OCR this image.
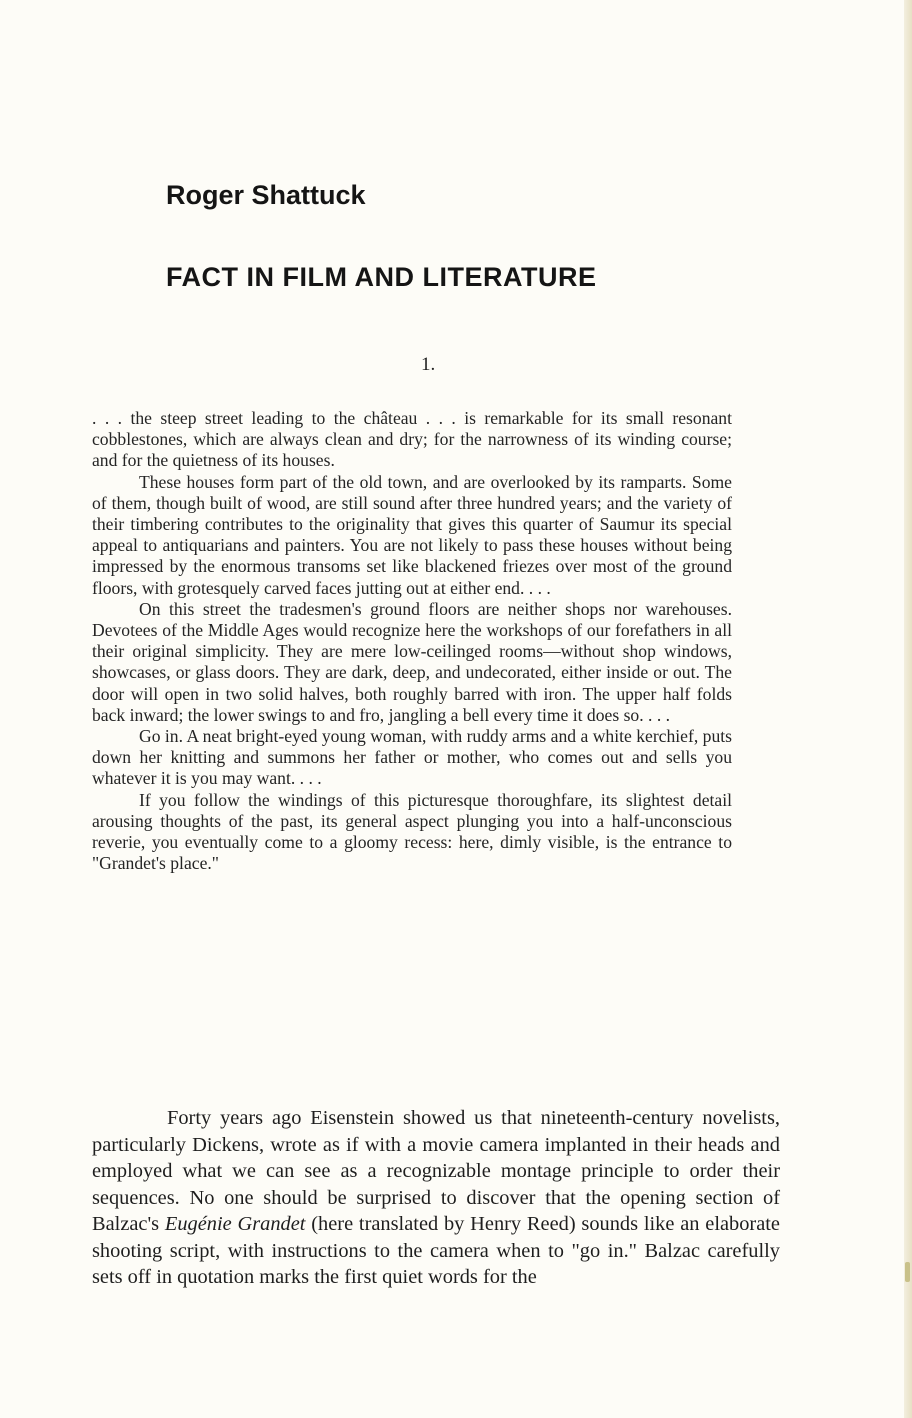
Roger Shattuck
FACT IN FILM AND LITERATURE
1.

. . . the steep street leading to the château . . . is remarkable for its small resonant cobblestones, which are always clean and dry; for the narrowness of its winding course; and for the quietness of its houses.

These houses form part of the old town, and are overlooked by its ramparts. Some of them, though built of wood, are still sound after three hundred years; and the variety of their timbering contributes to the originality that gives this quarter of Saumur its special appeal to antiquarians and painters. You are not likely to pass these houses without being impressed by the enormous transoms set like blackened friezes over most of the ground floors, with grotesquely carved faces jutting out at either end. . . .

On this street the tradesmen's ground floors are neither shops nor warehouses. Devotees of the Middle Ages would recognize here the workshops of our forefathers in all their original simplicity. They are mere low-ceilinged rooms—without shop windows, showcases, or glass doors. They are dark, deep, and undecorated, either inside or out. The door will open in two solid halves, both roughly barred with iron. The upper half folds back inward; the lower swings to and fro, jangling a bell every time it does so. . . .

Go in. A neat bright-eyed young woman, with ruddy arms and a white kerchief, puts down her knitting and summons her father or mother, who comes out and sells you whatever it is you may want. . . .

If you follow the windings of this picturesque thoroughfare, its slightest detail arousing thoughts of the past, its general aspect plunging you into a half-unconscious reverie, you eventually come to a gloomy recess: here, dimly visible, is the entrance to "Grandet's place."

Forty years ago Eisenstein showed us that nineteenth-century novelists, particularly Dickens, wrote as if with a movie camera implanted in their heads and employed what we can see as a recognizable montage principle to order their sequences. No one should be surprised to discover that the opening section of Balzac's Eugénie Grandet (here translated by Henry Reed) sounds like an elaborate shooting script, with instructions to the camera when to "go in." Balzac carefully sets off in quotation marks the first quiet words for the
